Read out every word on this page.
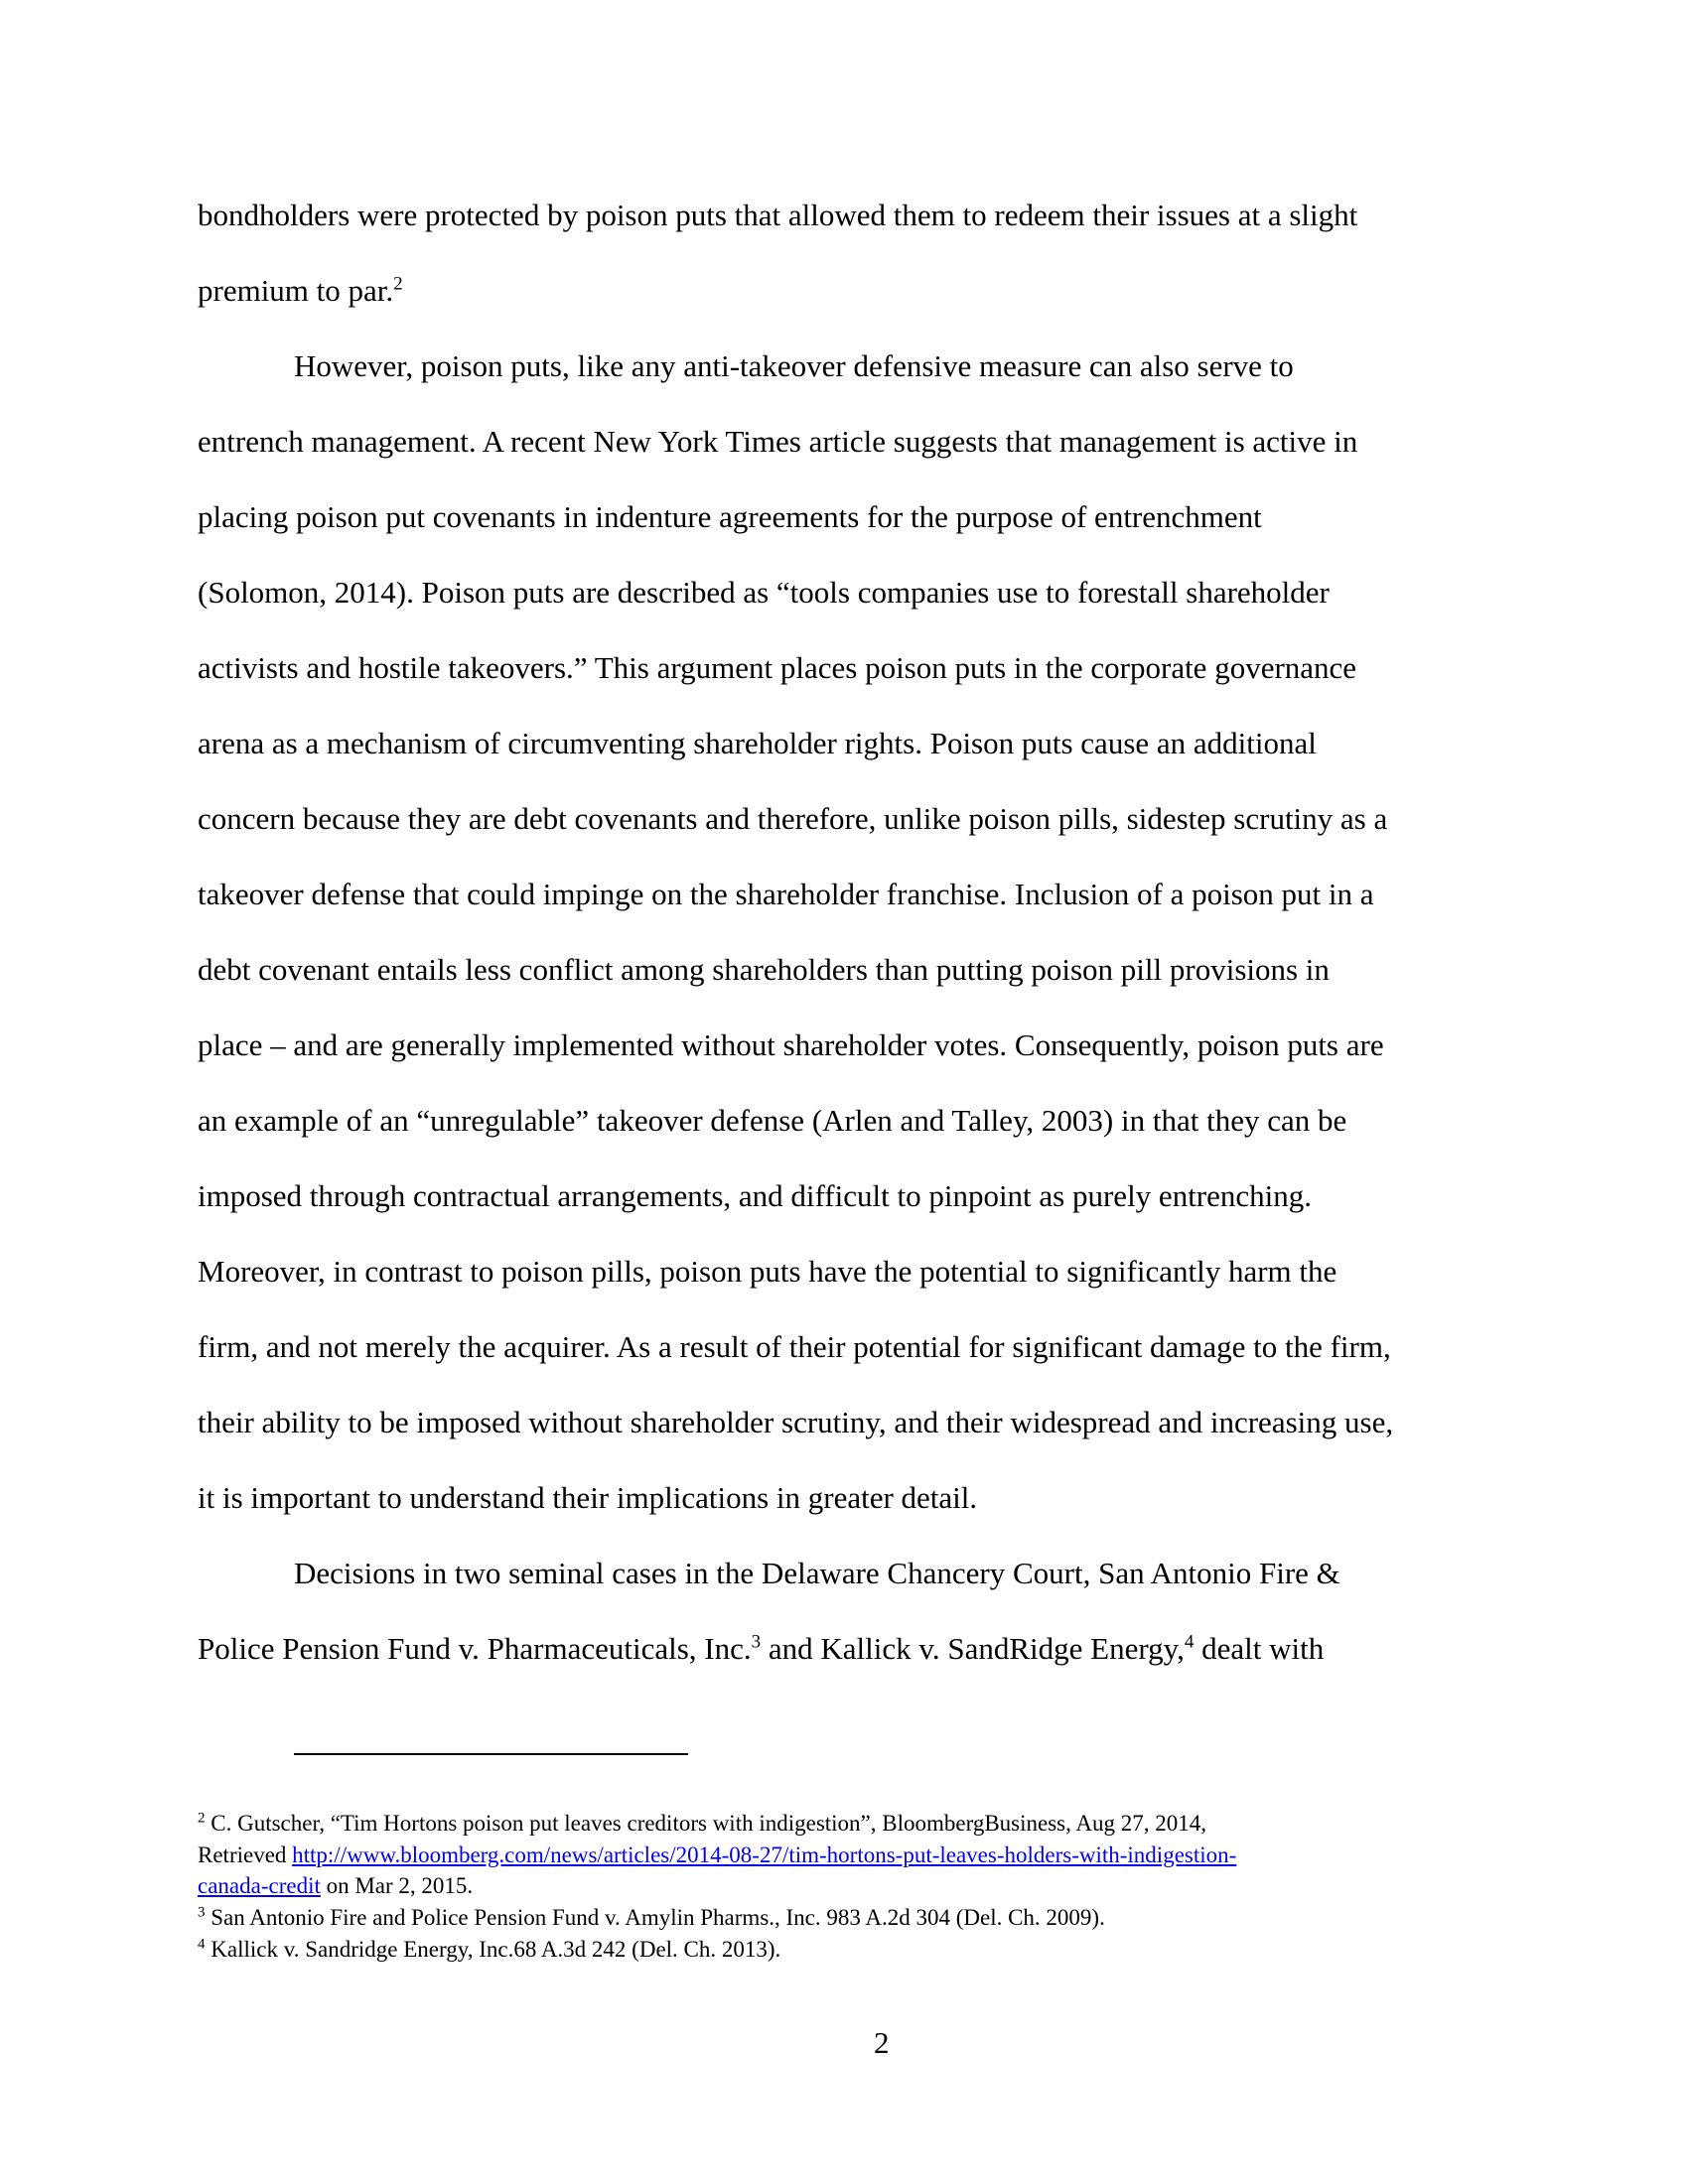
bondholders were protected by poison puts that allowed them to redeem their issues at a slight
premium to par.$^2$
However, poison puts, like any anti-takeover defensive measure can also serve to
entrench management. A recent New York Times article suggests that management is active in
placing poison put covenants in indenture agreements for the purpose of entrenchment
(Solomon, 2014). Poison puts are described as “tools companies use to forestall shareholder
activists and hostile takeovers.” This argument places poison puts in the corporate governance
arena as a mechanism of circumventing shareholder rights. Poison puts cause an additional
concern because they are debt covenants and therefore, unlike poison pills, sidestep scrutiny as a
takeover defense that could impinge on the shareholder franchise. Inclusion of a poison put in a
debt covenant entails less conflict among shareholders than putting poison pill provisions in
place – and are generally implemented without shareholder votes. Consequently, poison puts are
an example of an “unregulable” takeover defense (Arlen and Talley, 2003) in that they can be
imposed through contractual arrangements, and difficult to pinpoint as purely entrenching.
Moreover, in contrast to poison pills, poison puts have the potential to significantly harm the
firm, and not merely the acquirer. As a result of their potential for significant damage to the firm,
their ability to be imposed without shareholder scrutiny, and their widespread and increasing use,
it is important to understand their implications in greater detail.
Decisions in two seminal cases in the Delaware Chancery Court, San Antonio Fire &
Police Pension Fund v. Pharmaceuticals, Inc.$^3$ and Kallick v. SandRidge Energy,$^4$ dealt with
$^2$ C. Gutscher, “Tim Hortons poison put leaves creditors with indigestion”, BloombergBusiness, Aug 27, 2014,
Retrieved http://www.bloomberg.com/news/articles/2014-08-27/tim-hortons-put-leaves-holders-with-indigestion-
canada-credit on Mar 2, 2015.
$^3$ San Antonio Fire and Police Pension Fund v. Amylin Pharms., Inc. 983 A.2d 304 (Del. Ch. 2009).
$^4$ Kallick v. Sandridge Energy, Inc.68 A.3d 242 (Del. Ch. 2013).
2
